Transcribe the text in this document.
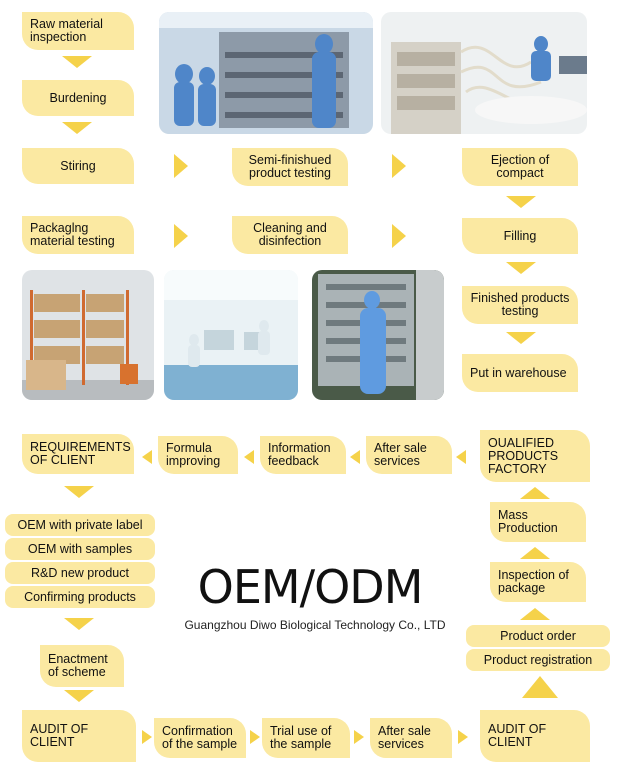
Raw material inspection
Burdening
Stiring	Semi-finishued product testing
Ejection of compact
Packaglng material testing
Cleaning and disinfection	Filling
Finished products testing
Put in warehouse
REQUIREMENTS OF CLIENT
Formula improving
Information feedback
After sale services
OUALIFIED PRODUCTS FACTORY
OEM with private label
OEM with samples
R&D new product
Confirming products
Enactment of scheme
Mass Production
Inspection of package
Product order
Product registration
OEM/ODM
Guangzhou Diwo Biological Technology Co., LTD
AUDIT OF CLIENT
Confirmation of the sample
Trial use of the sample
After sale services
AUDIT OF CLIENT
